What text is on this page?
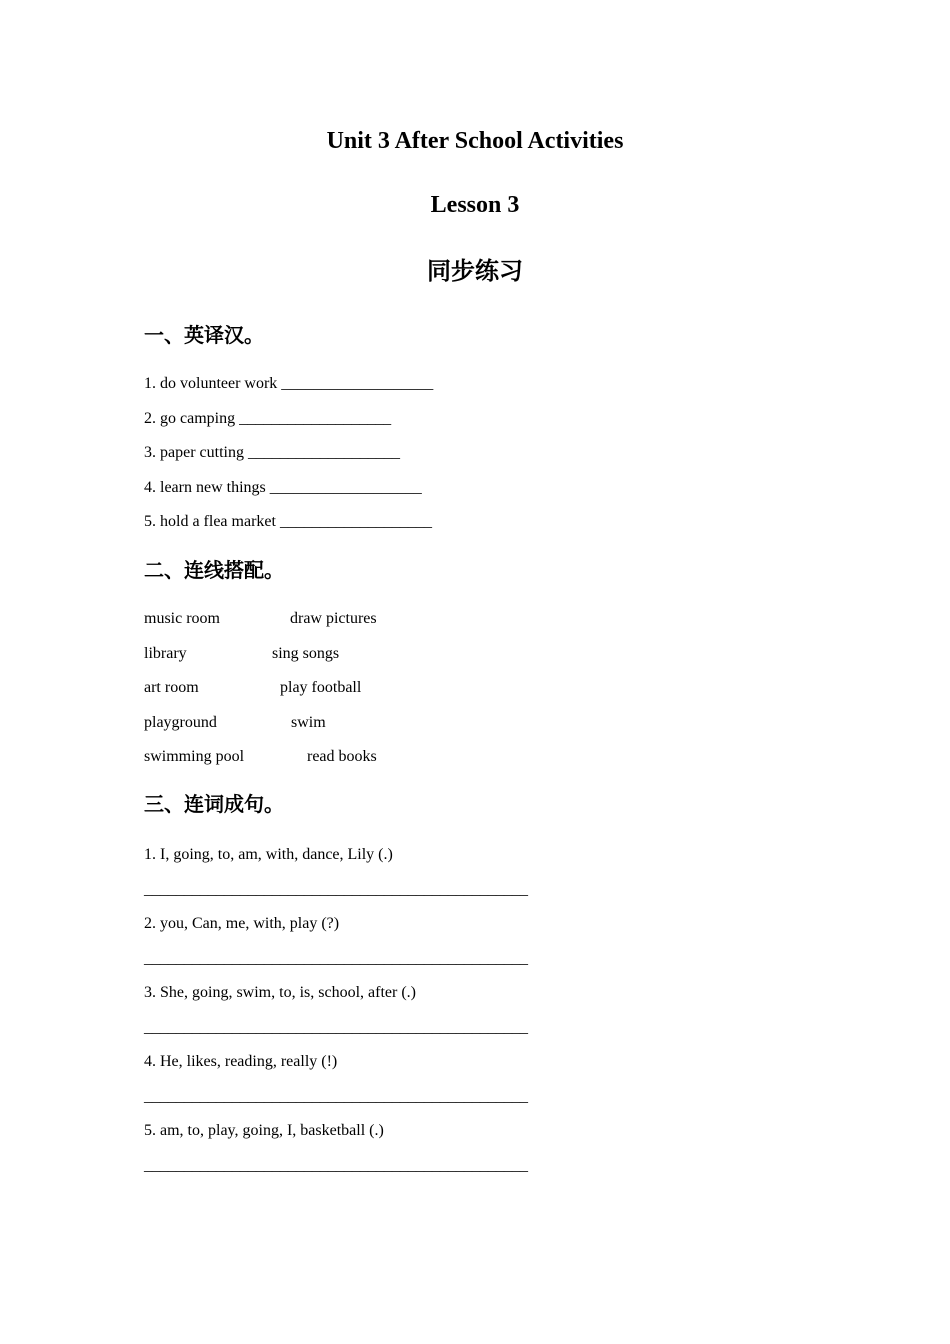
Unit 3 After School Activities
Lesson 3
同步练习
一、英译汉。
1. do volunteer work ___________________
2. go camping ___________________
3. paper cutting ___________________
4. learn new things ___________________
5. hold a flea market ___________________
二、连线搭配。
music room	draw pictures
library	sing songs
art room	play football
playground	swim
swimming pool	read books
三、连词成句。
1. I, going, to, am, with, dance, Lily (.)
________________________________________________
2. you, Can, me, with, play (?)
________________________________________________
3. She, going, swim, to, is, school, after (.)
________________________________________________
4. He, likes, reading, really (!)
________________________________________________
5. am, to, play, going, I, basketball (.)
________________________________________________
